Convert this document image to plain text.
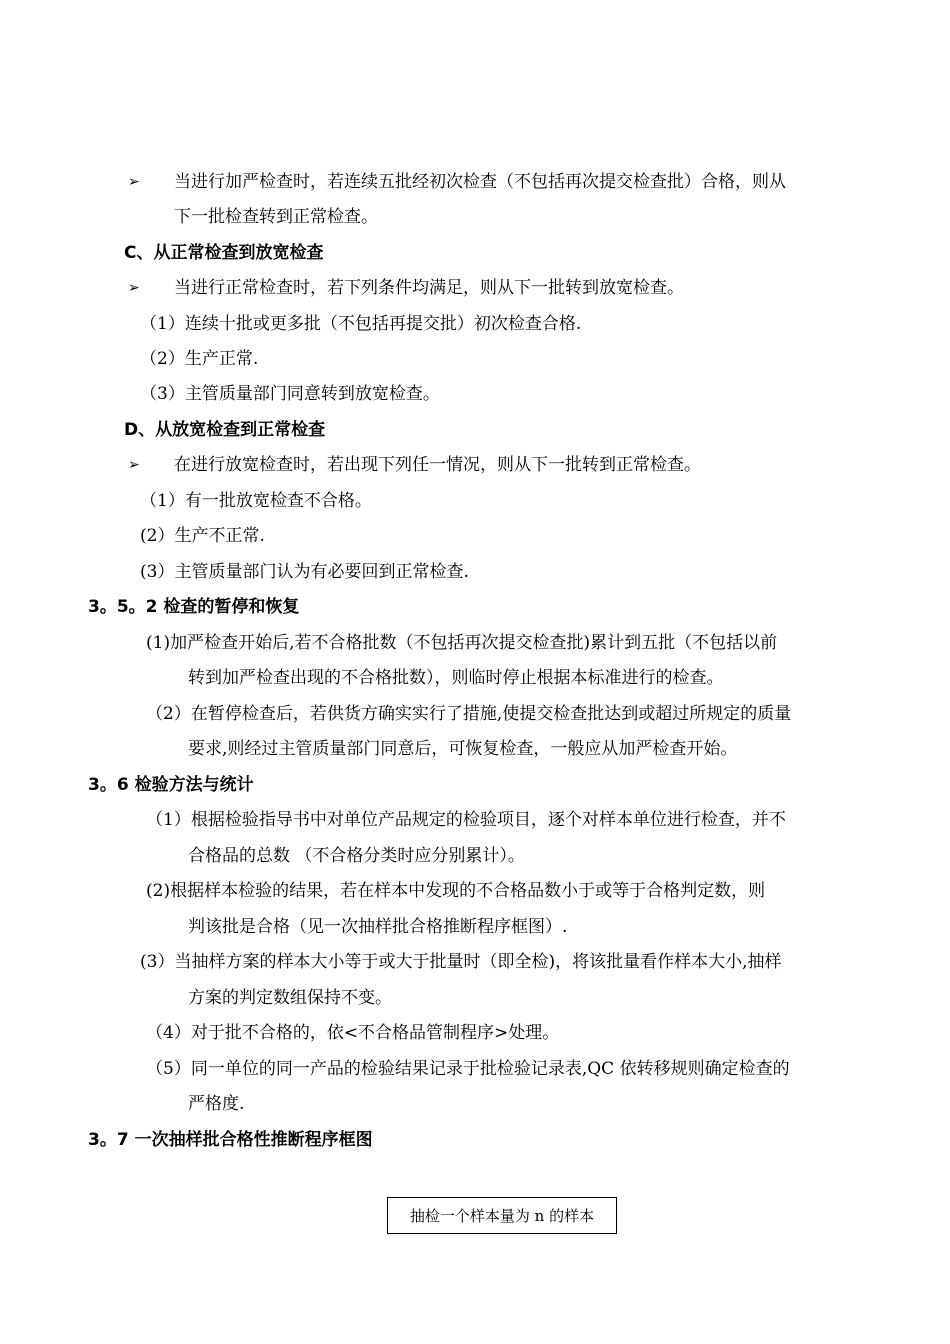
➢
➢
➢
当进行加严检查时，若连续五批经初次检查（不包括再次提交检查批）合格，则从
下一批检查转到正常检查。
C、从正常检查到放宽检查
当进行正常检查时，若下列条件均满足，则从下一批转到放宽检查。
（1）连续十批或更多批（不包括再提交批）初次检查合格.
（2）生产正常.
（3）主管质量部门同意转到放宽检查。
D、从放宽检查到正常检查
在进行放宽检查时，若出现下列任一情况，则从下一批转到正常检查。
（1）有一批放宽检查不合格。
(2）生产不正常.
(3）主管质量部门认为有必要回到正常检查.
3。5。2 检查的暂停和恢复
(1)加严检查开始后,若不合格批数（不包括再次提交检查批)累计到五批（不包括以前
转到加严检查出现的不合格批数），则临时停止根据本标准进行的检查。
（2）在暂停检查后，若供货方确实实行了措施,使提交检查批达到或超过所规定的质量
要求,则经过主管质量部门同意后，可恢复检查，一般应从加严检查开始。
3。6 检验方法与统计
（1）根据检验指导书中对单位产品规定的检验项目，逐个对样本单位进行检查，并不
合格品的总数 （不合格分类时应分别累计）。
(2)根据样本检验的结果，若在样本中发现的不合格品数小于或等于合格判定数，则
判该批是合格（见一次抽样批合格推断程序框图）.
(3）当抽样方案的样本大小等于或大于批量时（即全检)，将该批量看作样本大小,抽样
方案的判定数组保持不变。
（4）对于批不合格的，依<不合格品管制程序>处理。
（5）同一单位的同一产品的检验结果记录于批检验记录表,QC 依转移规则确定检查的
严格度.
3。7 一次抽样批合格性推断程序框图
抽检一个样本量为 n 的样本
